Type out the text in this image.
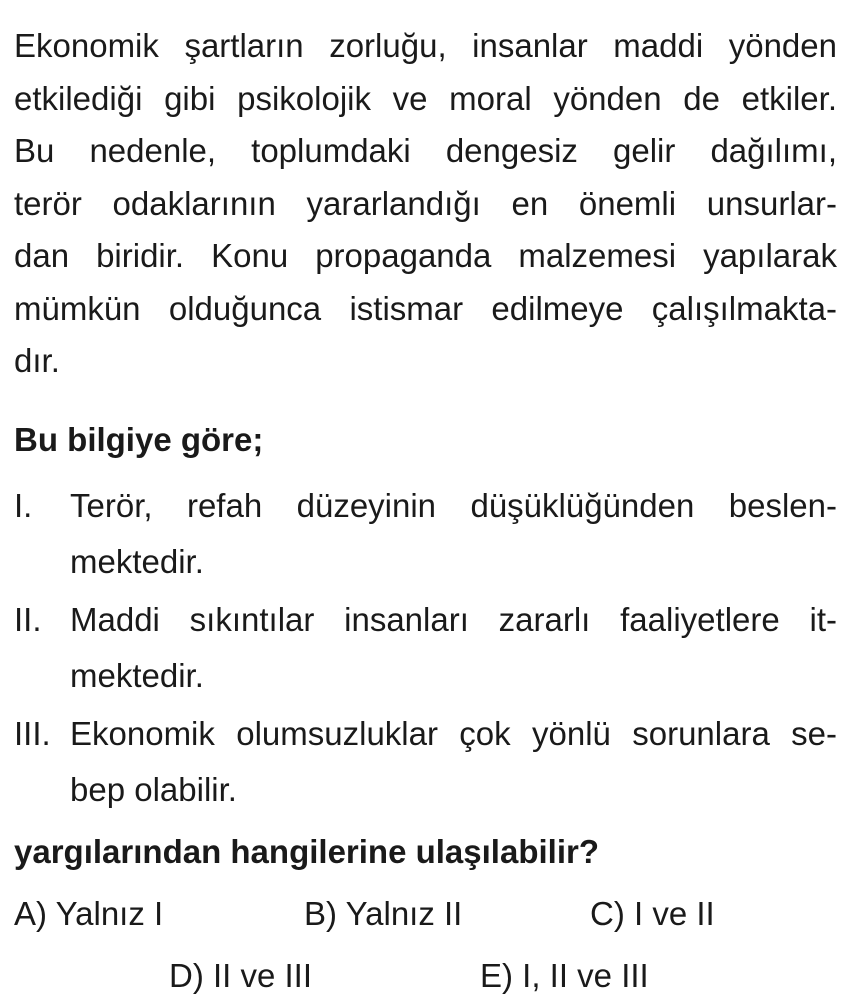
Ekonomik şartların zorluğu, insanlar maddi yönden
etkilediği gibi psikolojik ve moral yönden de etkiler.
Bu nedenle, toplumdaki dengesiz gelir dağılımı,
terör odaklarının yararlandığı en önemli unsurlar-
dan biridir. Konu propaganda malzemesi yapılarak
mümkün olduğunca istismar edilmeye çalışılmakta-
dır.

Bu bilgiye göre;
I.	Terör, refah düzeyinin düşüklüğünden beslen-
mektedir.
II. Maddi sıkıntılar insanları zararlı faaliyetlere it-
mektedir.
III. Ekonomik olumsuzluklar çok yönlü sorunlara se-
bep olabilir.
yargılarından hangilerine ulaşılabilir?
A) Yalnız I	B) Yalnız II	C) I ve II
D) II ve III	E) I, II ve III
